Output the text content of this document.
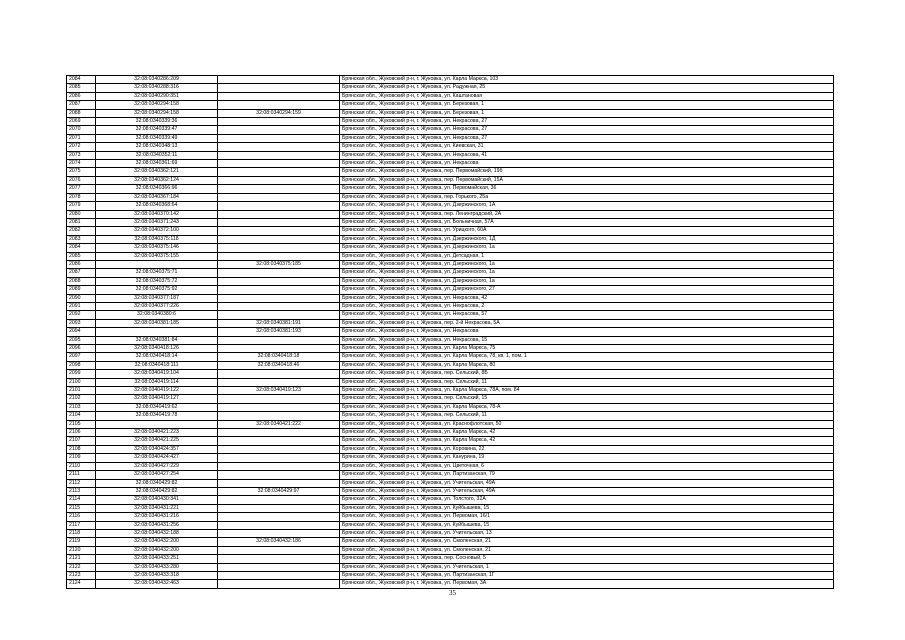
2084	32:08:0340286:209		Брянская обл., Жуковский р-н, г. Жуковка, ул. Карла Маркса, 103
2085	32:08:0340288:316		Брянская обл., Жуковский р-н, г. Жуковка, ул. Радужная, 25
2086	32:08:0340290:351		Брянская обл., Жуковский р-н, г. Жуковка, ул. Каштановая
2087	32:08:0340294:158		Брянская обл., Жуковский р-н, г. Жуковка, ул. Березовая, 1
2088	32:08:0340294:158	32:08:0340294:159	Брянская обл., Жуковский р-н, г. Жуковка, ул. Березовая, 1
2069	32:08:0340339:36		Брянская обл., Жуковский р-н, г. Жуковка, ул. Некрасова, 27
2070	32:08:0340339:47		Брянская обл., Жуковский р-н, г. Жуковка, ул. Некрасова, 27
2071	32:08:0340339:49		Брянская обл., Жуковский р-н, г. Жуковка, ул. Некрасова, 27
2072	32:08:0340348:13		Брянская обл., Жуковский р-н, г. Жуковка, ул. Киевская, 31
2073	32:08:0340352:11		Брянская обл., Жуковский р-н, г. Жуковка, ул. Некрасова, 41
2074	32:08:0340361:69		Брянская обл., Жуковский р-н, г. Жуковка, ул. Некрасова
2075	32:08:0340362:121		Брянская обл., Жуковский р-н, г. Жуковка, пер. Первомайский, 19б
2076	32:08:0340362:124		Брянская обл., Жуковский р-н, г. Жуковка, пер. Первомайский, 15А
2077	32:08:0340366:96		Брянская обл., Жуковский р-н, г. Жуковка, ул. Первомайская, 36
2078	32:08:0340367:184		Брянская обл., Жуковский р-н, г. Жуковка, пер. Горького, 25а
2079	32:08:0340368:64		Брянская обл., Жуковский р-н, г. Жуковка, ул. Дзержинского, 1А
2080	32:08:0340370:142		Брянская обл., Жуковский р-н, г. Жуковка, пер. Ленинградский, 2А
2081	32:08:0340371:243		Брянская обл., Жуковский р-н, г. Жуковка, ул. Больничная, 57А
2082	32:08:0340372:100		Брянская обл., Жуковский р-н, г. Жуковка, ул. Урицкого, 60А
2083	32:08:0340375:118		Брянская обл., Жуковский р-н, г. Жуковка, ул. Дзержинского, 1Д
2084	32:08:0340375:146		Брянская обл., Жуковский р-н, г. Жуковка, ул. Дзержинского, 1а
2085	32:08:0340375:155		Брянская обл., Жуковский р-н, г. Жуковка, ул. Детсадная, 1
2086		32:08:0340375:185	Брянская обл., Жуковский р-н, г. Жуковка, ул. Дзержинского, 1а
2087	32:08:0340375:71		Брянская обл., Жуковский р-н, г. Жуковка, ул. Дзержинского, 1а
2088	32:08:0340375:72		Брянская обл., Жуковский р-н, г. Жуковка, ул. Дзержинского, 1а
2089	32:08:0340375:92		Брянская обл., Жуковский р-н, г. Жуковка, ул. Дзержинского, 27
2090	32:08:0340377:187		Брянская обл., Жуковский р-н, г. Жуковка, ул. Некрасова, 42
2091	32:08:0340377:226		Брянская обл., Жуковский р-н, г. Жуковка, ул. Некрасова, 2
2092	32:08:0340380:6		Брянская обл., Жуковский р-н, г. Жуковка, ул. Некрасова, 57
2093	32:08:0340381:185	32:08:0340381:191	Брянская обл., Жуковский р-н, г. Жуковка, пер. 2-й Некрасова, 5А
2094		32:08:0340381:193	Брянская обл., Жуковский р-н, г. Жуковка, ул. Некрасова
2095	32:08:0340381:84		Брянская обл., Жуковский р-н, г. Жуковка, ул. Некрасова, 15
2096	32:08:0340418:126		Брянская обл., Жуковский р-н, г. Жуковка, ул. Карла Маркса, 75
2097	32:08:0340418:14	32:08:0340418:18	Брянская обл., Жуковский р-н, г. Жуковка, ул. Карла Маркса, 78, кв. 1, пом. 1
2098	32:08:0340418:111	32:08:0340418:46	Брянская обл., Жуковский р-н, г. Жуковка, ул. Карла Маркса, 80
2099	32:08:0340419:104		Брянская обл., Жуковский р-н, г. Жуковка, пер. Сельский, 8Б
2100	32:08:0340419:114		Брянская обл., Жуковский р-н, г. Жуковка, пер. Сельский, 11
2101	32:08:0340419:122	32:08:0340419:123	Брянская обл., Жуковский р-н, г. Жуковка, ул. Карла Маркса, 78А, пом. 84
2102	32:08:0340419:127		Брянская обл., Жуковский р-н, г. Жуковка, пер. Сельский, 15
2103	32:08:0340419:62		Брянская обл., Жуковский р-н, г. Жуковка, ул. Карла Маркса, 78-А
2104	32:08:0340419:78		Брянская обл., Жуковский р-н, г. Жуковка, пер. Сельский, 11
2105		32:08:0340421:222	Брянская обл., Жуковский р-н, г. Жуковка, ул. Краснофлотская, 50
2106	32:08:0340421:223		Брянская обл., Жуковский р-н, г. Жуковка, ул. Карла Маркса, 42
2107	32:08:0340421:225		Брянская обл., Жуковский р-н, г. Жуковка, ул. Карла Маркса, 42
2108	32:08:0340424:357		Брянская обл., Жуковский р-н, г. Жуковка, ул. Коровина, 22
2109	32:08:0340424:427		Брянская обл., Жуковский р-н, г. Жуковка, ул. Канурина, 19
2110	32:08:0340427:229		Брянская обл., Жуковский р-н, г. Жуковка, ул. Цветочная, 6
2111	32:08:0340427:254		Брянская обл., Жуковский р-н, г. Жуковка, ул. Партизанская, 79
2112	32:08:0340429:82		Брянская обл., Жуковский р-н, г. Жуковка, ул. Учительская, 49А
2113	32:08:0340429:82	32:08:0340429:97	Брянская обл., Жуковский р-н, г. Жуковка, ул. Учительская, 49А
2114	32:08:0340430:341		Брянская обл., Жуковский р-н, г. Жуковка, ул. Толстого, 32А
2115	32:08:0340431:221		Брянская обл., Жуковский р-н, г. Жуковка, ул. Куйбышева, 15
2116	32:08:0340431:216		Брянская обл., Жуковский р-н, г. Жуковка, ул. Первомая, 16/1
2117	32:08:0340431:256		Брянская обл., Жуковский р-н, г. Жуковка, ул. Куйбышева, 15
2118	32:08:0340432:188		Брянская обл., Жуковский р-н, г. Жуковка, ул. Учительская, 13
2119	32:08:0340432:200	32:08:0340432:186	Брянская обл., Жуковский р-н, г. Жуковка, ул. Смоленская, 21
2120	32:08:0340432:200		Брянская обл., Жуковский р-н, г. Жуковка, ул. Смоленская, 21
2121	32:08:0340433:251		Брянская обл., Жуковский р-н, г. Жуковка, пер. Сосновый, 5
2122	32:08:0340433:280		Брянская обл., Жуковский р-н, г. Жуковка, ул. Учительская, 1
2123	32:08:0340433:318		Брянская обл., Жуковский р-н, г. Жуковка, ул. Партизанская, 1Г
2124	32:08:0340432:463		Брянская обл., Жуковский р-н, г. Жуковка, ул. Первомая, 3А
35
